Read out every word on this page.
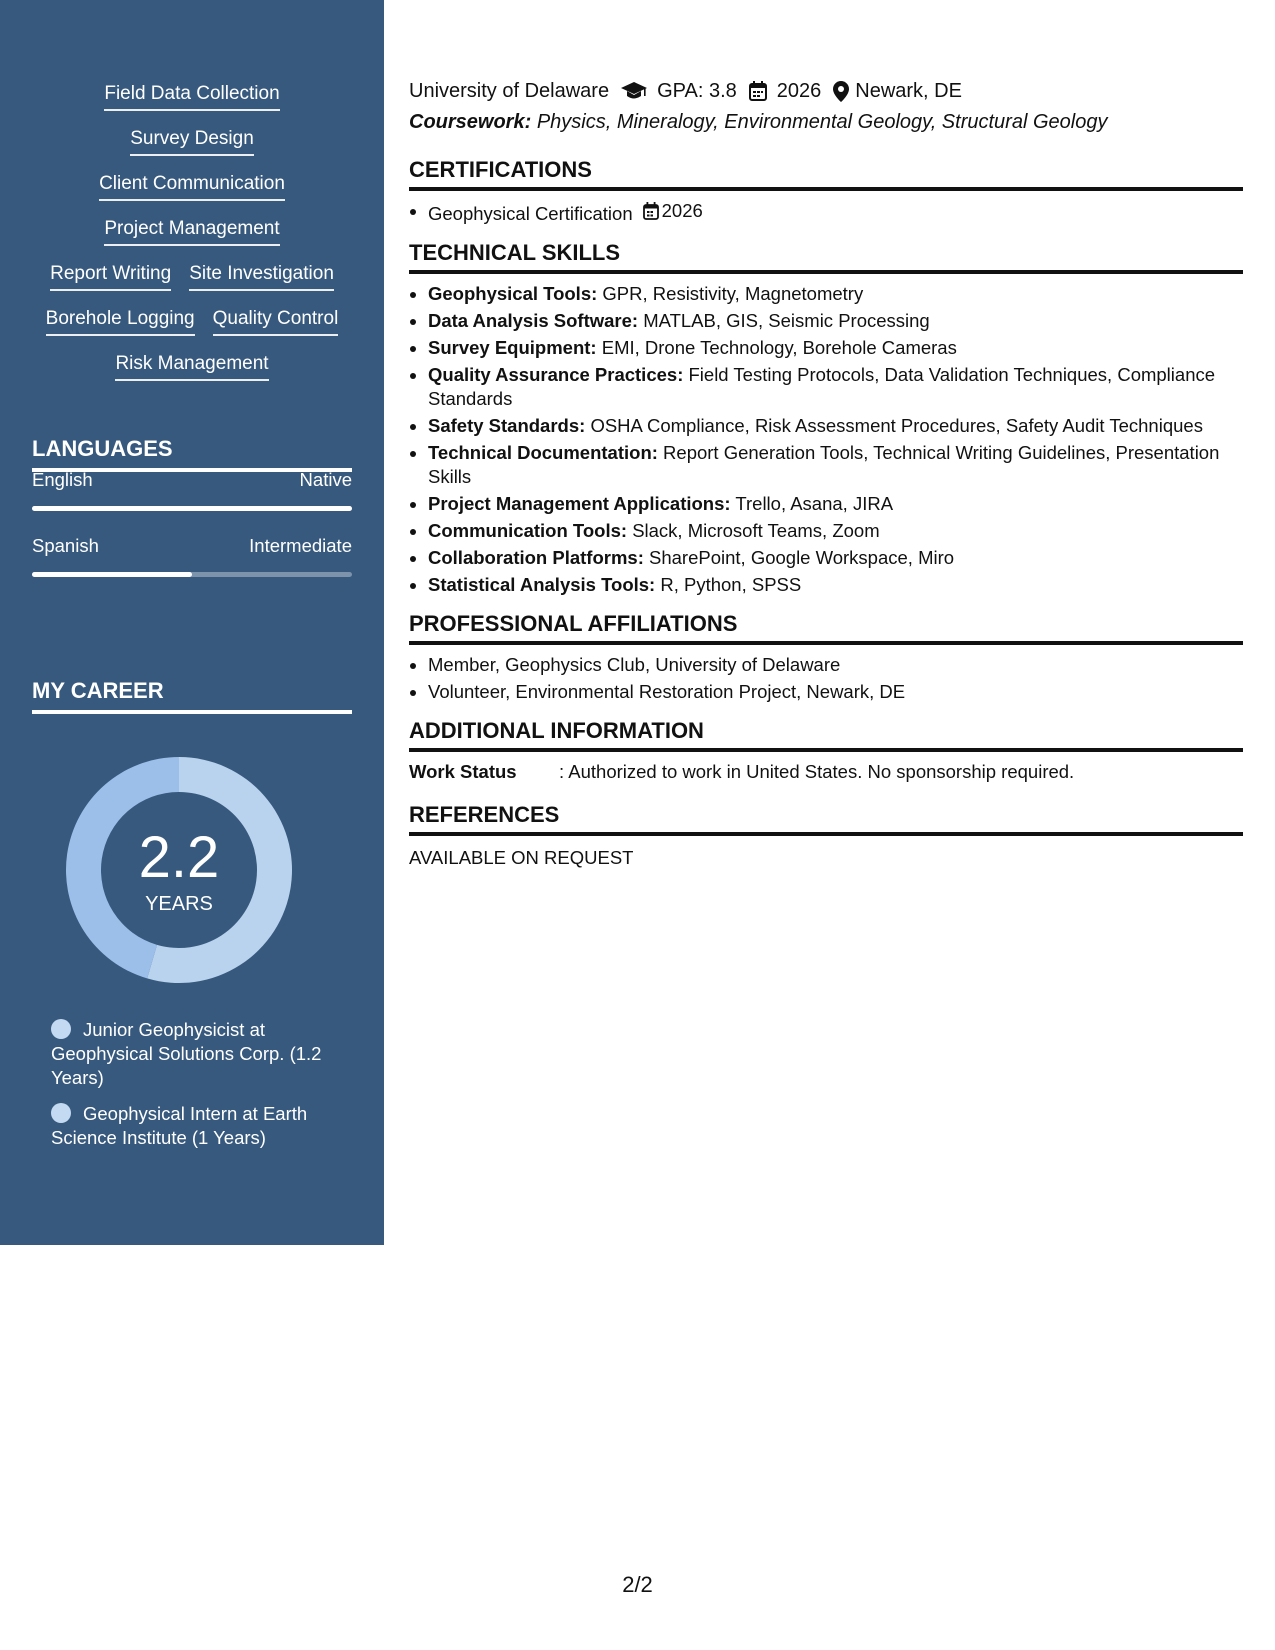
Field Data Collection
Survey Design
Client Communication
Project Management
Report Writing Site Investigation
Borehole Logging Quality Control
Risk Management
LANGUAGES
English	Native
Spanish	Intermediate
MY CAREER
2.2
YEARS
Junior Geophysicist at Geophysical Solutions Corp. (1.2 Years)
Geophysical Intern at Earth Science Institute (1 Years)
University of Delaware GPA: 3.8 2026 Newark, DE
Coursework: Physics, Mineralogy, Environmental Geology, Structural Geology
CERTIFICATIONS
Geophysical Certification 2026
TECHNICAL SKILLS
Geophysical Tools: GPR, Resistivity, Magnetometry
Data Analysis Software: MATLAB, GIS, Seismic Processing
Survey Equipment: EMI, Drone Technology, Borehole Cameras
Quality Assurance Practices: Field Testing Protocols, Data Validation Techniques, Compliance Standards
Safety Standards: OSHA Compliance, Risk Assessment Procedures, Safety Audit Techniques
Technical Documentation: Report Generation Tools, Technical Writing Guidelines, Presentation Skills
Project Management Applications: Trello, Asana, JIRA
Communication Tools: Slack, Microsoft Teams, Zoom
Collaboration Platforms: SharePoint, Google Workspace, Miro
Statistical Analysis Tools: R, Python, SPSS
PROFESSIONAL AFFILIATIONS
Member, Geophysics Club, University of Delaware
Volunteer, Environmental Restoration Project, Newark, DE
ADDITIONAL INFORMATION
Work Status	: Authorized to work in United States. No sponsorship required.
REFERENCES
AVAILABLE ON REQUEST
2/2
